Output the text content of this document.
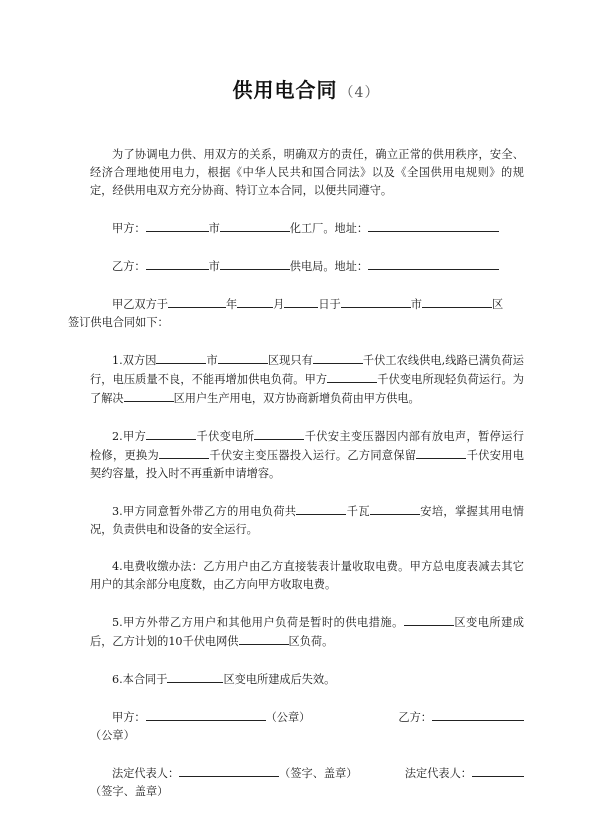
供用电合同 （4）

为了协调电力供、用双方的关系，明确双方的责任，确立正常的供用秩序，安全、经济合理地使用电力，根据《中华人民共和国合同法》以及《全国供用电规则》的规定，经供用电双方充分协商、特订立本合同，以便共同遵守。

甲方：	市	化工厂。地址：
乙方：	市	供电局。地址：
甲乙双方于	年	月	日于	市	区
签订供电合同如下：

1.双方因	市	区现只有	千伏工农线供电,线路已满负荷运行，电压质量不良，不能再增加供电负荷。甲方	千伏变电所现轻负荷运行。为了解决	区用户生产用电，双方协商新增负荷由甲方供电。

2.甲方	千伏变电所	千伏安主变压器因内部有放电声，暂停运行检修，更换为	千伏安主变压器投入运行。乙方同意保留	千伏安用电契约容量，投入时不再重新申请增容。

3.甲方同意暂外带乙方的用电负荷共	千瓦	安培，掌握其用电情况，负责供电和设备的安全运行。

4.电费收缴办法：乙方用户由乙方直接装表计量收取电费。甲方总电度表减去其它用户的其余部分电度数，由乙方向甲方收取电费。

5.甲方外带乙方用户和其他用户负荷是暂时的供电措施。	区变电所建成后，乙方计划的10千伏电网供	区负荷。

6.本合同于	区变电所建成后失效。

甲方：	（公章）	乙方：
（公章）
法定代表人：	（签字、盖章）	法定代表人：
（签字、盖章）
